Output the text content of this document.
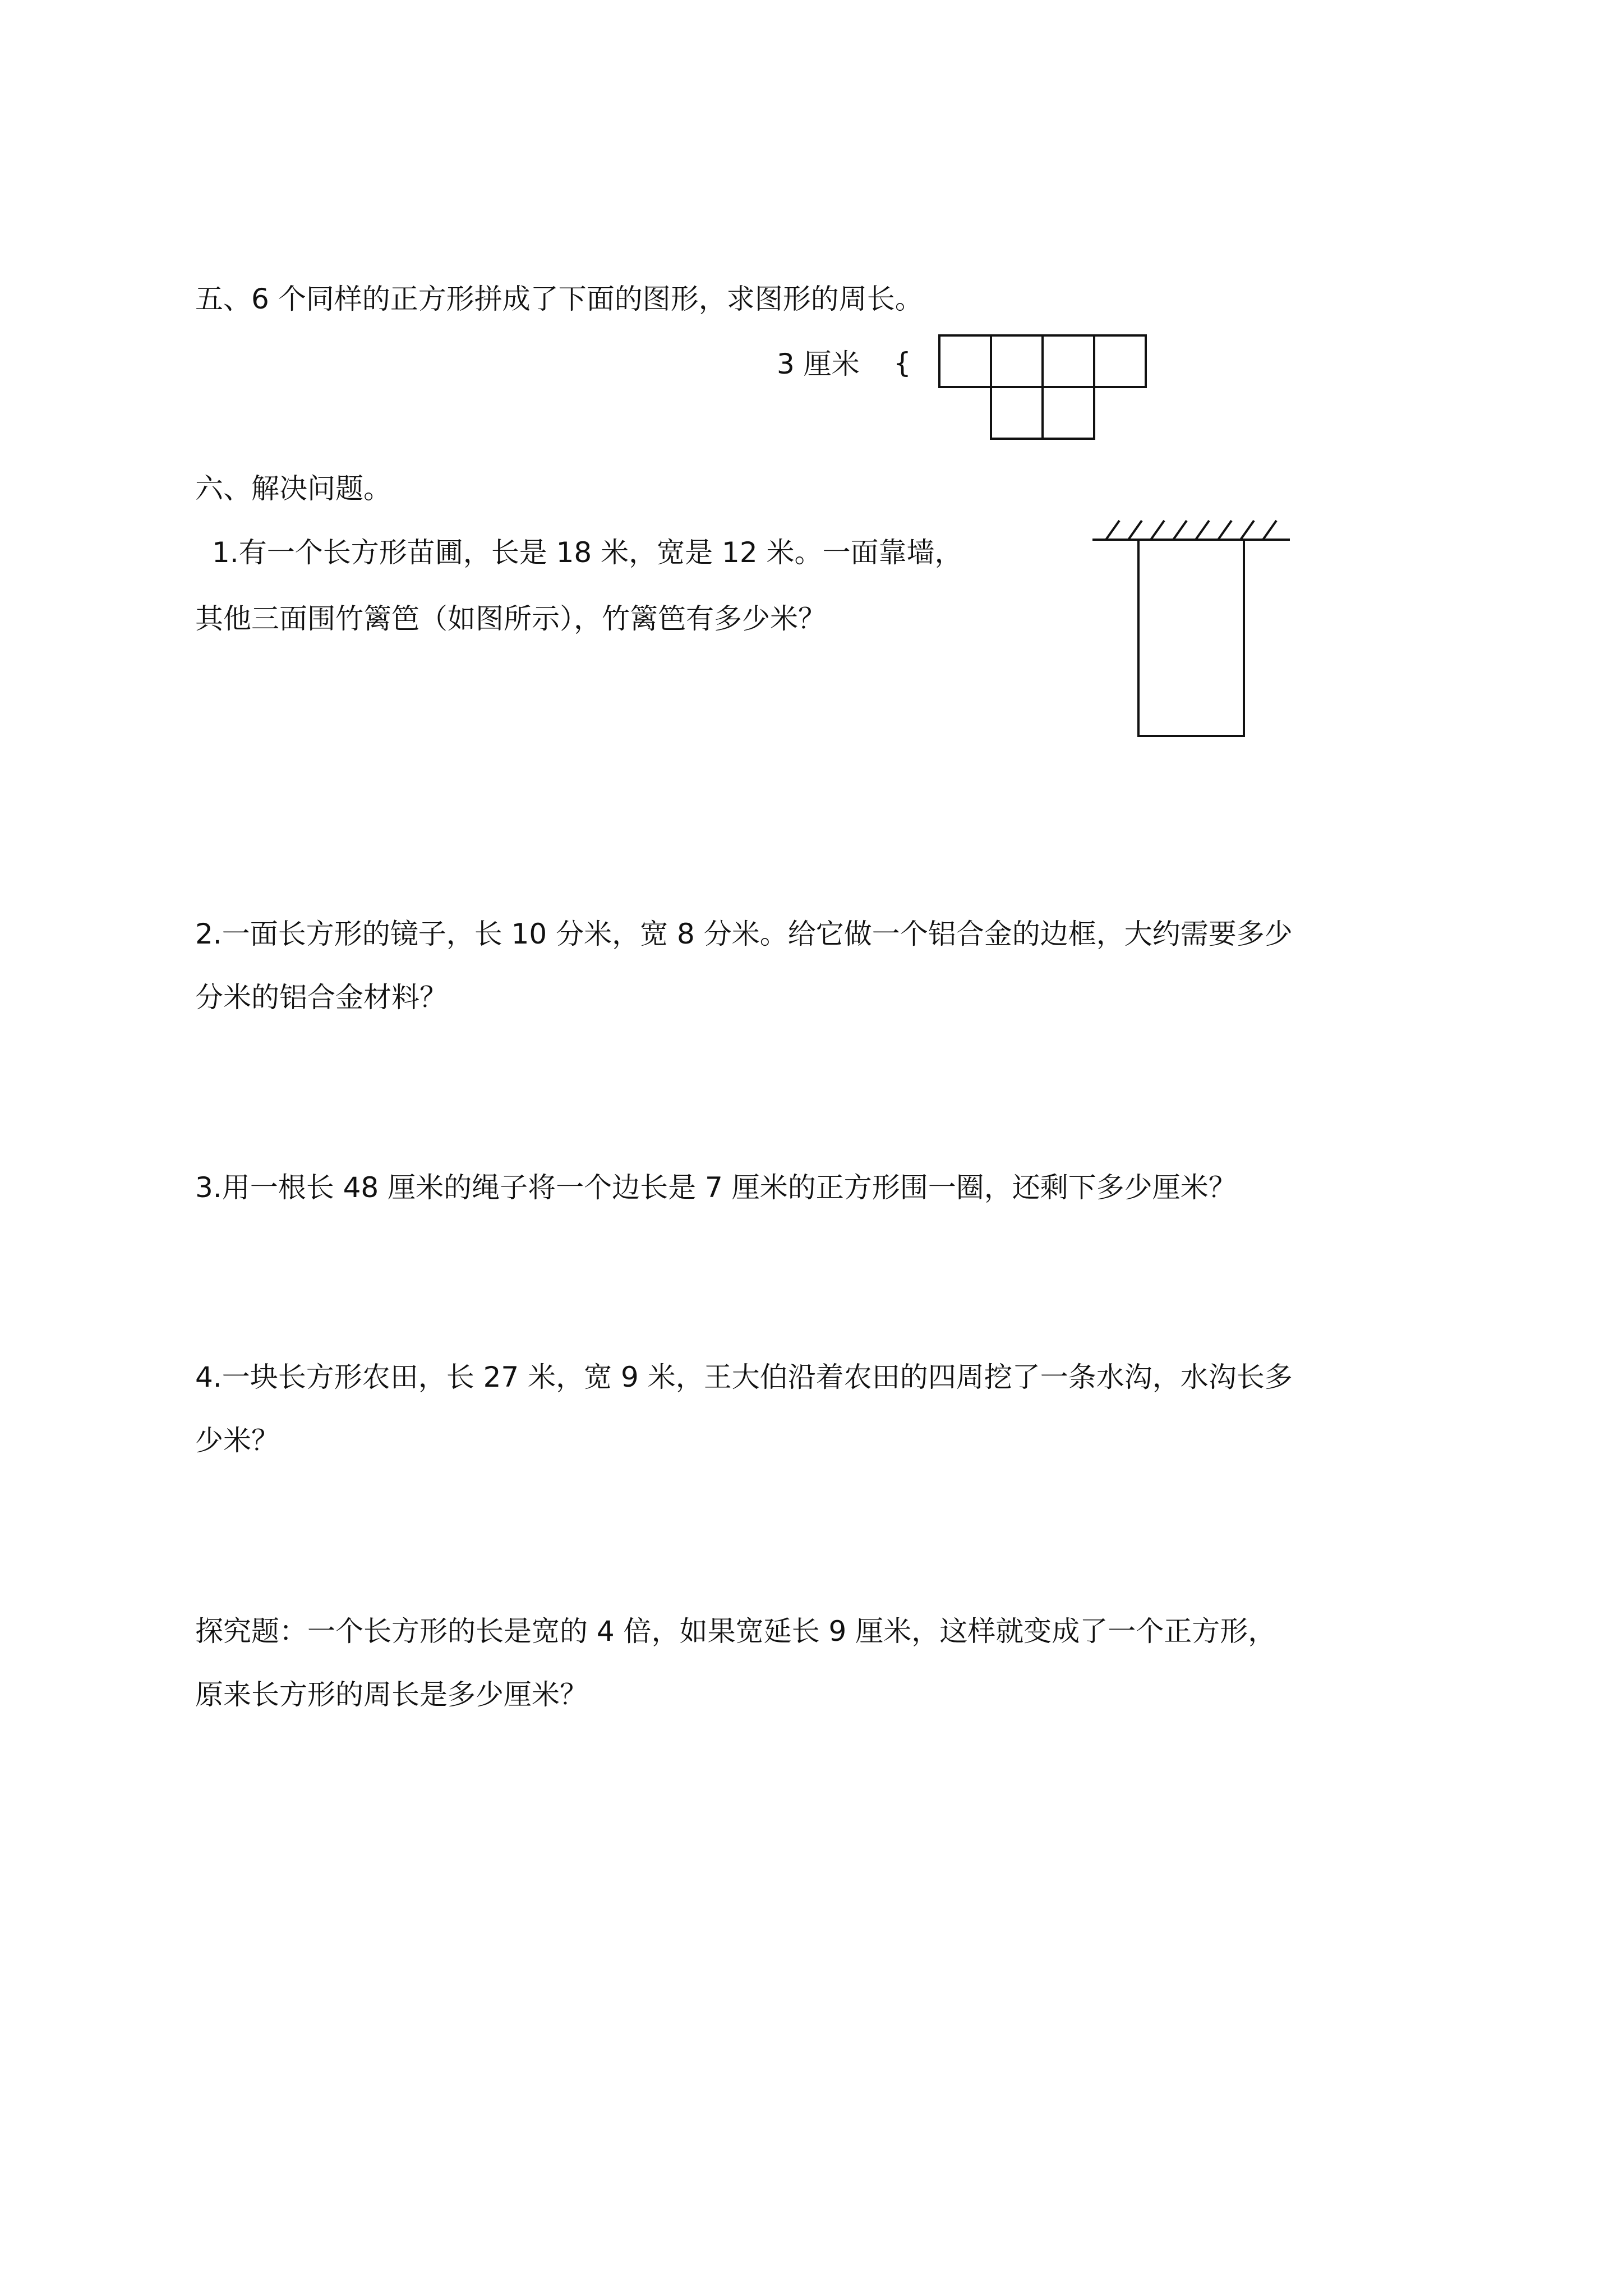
五、6 个同样的正方形拼成了下面的图形，求图形的周长。

3 厘米 {

六、解决问题。

1.有一个长方形苗圃，长是 18 米，宽是 12 米。一面靠墙，

其他三面围竹篱笆（如图所示），竹篱笆有多少米？

2.一面长方形的镜子，长 10 分米，宽 8 分米。给它做一个铝合金的边框，大约需要多少

分米的铝合金材料？

3.用一根长 48 厘米的绳子将一个边长是 7 厘米的正方形围一圈，还剩下多少厘米？

4.一块长方形农田，长 27 米，宽 9 米，王大伯沿着农田的四周挖了一条水沟，水沟长多

少米？

探究题：一个长方形的长是宽的 4 倍，如果宽延长 9 厘米，这样就变成了一个正方形，

原来长方形的周长是多少厘米？
